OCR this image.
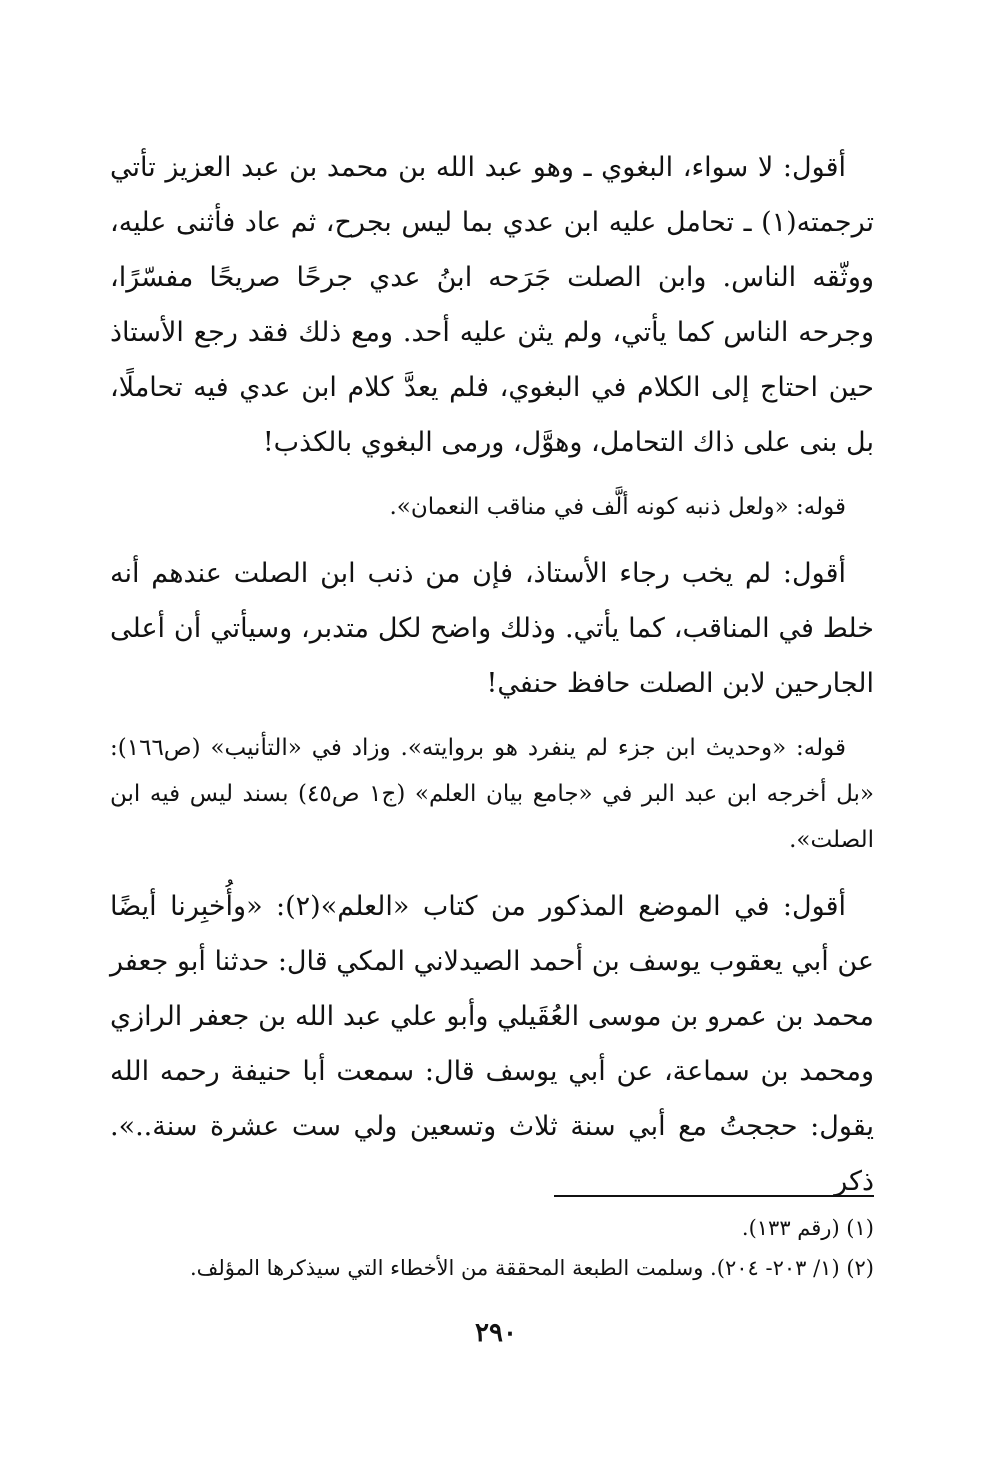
أقول: لا سواء، البغوي ـ وهو عبد الله بن محمد بن عبد العزيز تأتي ترجمته(١) ـ تحامل عليه ابن عدي بما ليس بجرح، ثم عاد فأثنى عليه، ووثّقه الناس. وابن الصلت جَرَحه ابنُ عدي جرحًا صريحًا مفسّرًا، وجرحه الناس كما يأتي، ولم يثن عليه أحد. ومع ذلك فقد رجع الأستاذ حين احتاج إلى الكلام في البغوي، فلم يعدَّ كلام ابن عدي فيه تحاملًا، بل بنى على ذاك التحامل، وهوَّل، ورمى البغوي بالكذب!

قوله: «ولعل ذنبه كونه ألَّف في مناقب النعمان».

أقول: لم يخب رجاء الأستاذ، فإن من ذنب ابن الصلت عندهم أنه خلط في المناقب، كما يأتي. وذلك واضح لكل متدبر، وسيأتي أن أعلى الجارحين لابن الصلت حافظ حنفي!

قوله: «وحديث ابن جزء لم ينفرد هو بروايته». وزاد في «التأنيب» (ص١٦٦): «بل أخرجه ابن عبد البر في «جامع بيان العلم» (ج١ ص٤٥) بسند ليس فيه ابن الصلت».

أقول: في الموضع المذكور من كتاب «العلم»(٢): «وأُخبِرنا أيضًا عن أبي يعقوب يوسف بن أحمد الصيدلاني المكي قال: حدثنا أبو جعفر محمد بن عمرو بن موسى العُقَيلي وأبو علي عبد الله بن جعفر الرازي ومحمد بن سماعة، عن أبي يوسف قال: سمعت أبا حنيفة رحمه الله يقول: حججتُ مع أبي سنة ثلاث وتسعين ولي ست عشرة سنة..». ذكر

(١) (رقم ١٣٣).

(٢) (١/ ٢٠٣- ٢٠٤). وسلمت الطبعة المحققة من الأخطاء التي سيذكرها المؤلف.

٢٩٠
